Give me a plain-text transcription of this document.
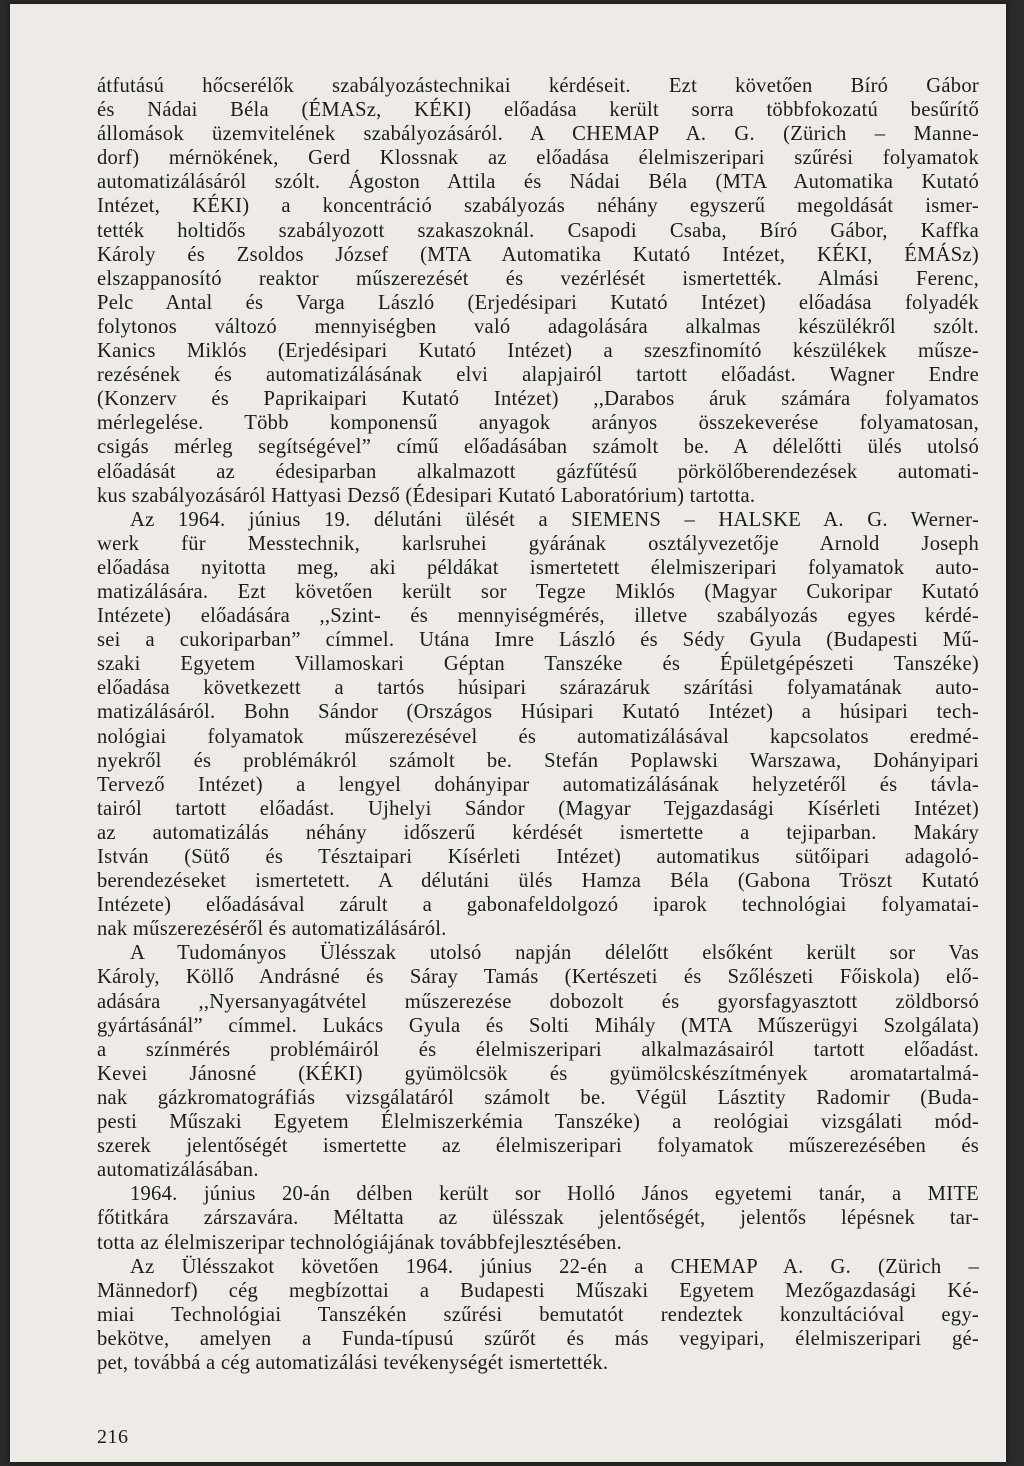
átfutású hőcserélők szabályozástechnikai kérdéseit. Ezt követően Bíró Gábor
és Nádai Béla (ÉMASz, KÉKI) előadása került sorra többfokozatú besűrítő
állomások üzemvitelének szabályozásáról. A CHEMAP A. G. (Zürich – Manne-
dorf) mérnökének, Gerd Klossnak az előadása élelmiszeripari szűrési folyamatok
automatizálásáról szólt. Ágoston Attila és Nádai Béla (MTA Automatika Kutató
Intézet, KÉKI) a koncentráció szabályozás néhány egyszerű megoldását ismer-
tették holtidős szabályozott szakaszoknál. Csapodi Csaba, Bíró Gábor, Kaffka
Károly és Zsoldos József (MTA Automatika Kutató Intézet, KÉKI, ÉMÁSz)
elszappanosító reaktor műszerezését és vezérlését ismertették. Almási Ferenc,
Pelc Antal és Varga László (Erjedésipari Kutató Intézet) előadása folyadék
folytonos változó mennyiségben való adagolására alkalmas készülékről szólt.
Kanics Miklós (Erjedésipari Kutató Intézet) a szeszfinomító készülékek műsze-
rezésének és automatizálásának elvi alapjairól tartott előadást. Wagner Endre
(Konzerv és Paprikaipari Kutató Intézet) ,,Darabos áruk számára folyamatos
mérlegelése. Több komponensű anyagok arányos összekeverése folyamatosan,
csigás mérleg segítségével” című előadásában számolt be. A délelőtti ülés utolsó
előadását az édesiparban alkalmazott gázfűtésű pörkölőberendezések automati-
kus szabályozásáról Hattyasi Dezső (Édesipari Kutató Laboratórium) tartotta.
Az 1964. június 19. délutáni ülését a SIEMENS – HALSKE A. G. Werner-
werk für Messtechnik, karlsruhei gyárának osztályvezetője Arnold Joseph
előadása nyitotta meg, aki példákat ismertetett élelmiszeripari folyamatok auto-
matizálására. Ezt követően került sor Tegze Miklós (Magyar Cukoripar Kutató
Intézete) előadására ,,Szint- és mennyiségmérés, illetve szabályozás egyes kérdé-
sei a cukoriparban” címmel. Utána Imre László és Sédy Gyula (Budapesti Mű-
szaki Egyetem Villamoskari Géptan Tanszéke és Épületgépészeti Tanszéke)
előadása következett a tartós húsipari szárazáruk szárítási folyamatának auto-
matizálásáról. Bohn Sándor (Országos Húsipari Kutató Intézet) a húsipari tech-
nológiai folyamatok műszerezésével és automatizálásával kapcsolatos eredmé-
nyekről és problémákról számolt be. Stefán Poplawski Warszawa, Dohányipari
Tervező Intézet) a lengyel dohányipar automatizálásának helyzetéről és távla-
tairól tartott előadást. Ujhelyi Sándor (Magyar Tejgazdasági Kísérleti Intézet)
az automatizálás néhány időszerű kérdését ismertette a tejiparban. Makáry
István (Sütő és Tésztaipari Kísérleti Intézet) automatikus sütőipari adagoló-
berendezéseket ismertetett. A délutáni ülés Hamza Béla (Gabona Tröszt Kutató
Intézete) előadásával zárult a gabonafeldolgozó iparok technológiai folyamatai-
nak műszerezéséről és automatizálásáról.
A Tudományos Ülésszak utolsó napján délelőtt elsőként került sor Vas
Károly, Köllő Andrásné és Sáray Tamás (Kertészeti és Szőlészeti Főiskola) elő-
adására ,,Nyersanyagátvétel műszerezése dobozolt és gyorsfagyasztott zöldborsó
gyártásánál” címmel. Lukács Gyula és Solti Mihály (MTA Műszerügyi Szolgálata)
a színmérés problémáiról és élelmiszeripari alkalmazásairól tartott előadást.
Kevei Jánosné (KÉKI) gyümölcsök és gyümölcskészítmények aromatartalmá-
nak gázkromatográfiás vizsgálatáról számolt be. Végül Lásztity Radomir (Buda-
pesti Műszaki Egyetem Élelmiszerkémia Tanszéke) a reológiai vizsgálati mód-
szerek jelentőségét ismertette az élelmiszeripari folyamatok műszerezésében és
automatizálásában.
1964. június 20-án délben került sor Holló János egyetemi tanár, a MITE
főtitkára zárszavára. Méltatta az ülésszak jelentőségét, jelentős lépésnek tar-
totta az élelmiszeripar technológiájának továbbfejlesztésében.
Az Ülésszakot követően 1964. június 22-én a CHEMAP A. G. (Zürich –
Männedorf) cég megbízottai a Budapesti Műszaki Egyetem Mezőgazdasági Ké-
miai Technológiai Tanszékén szűrési bemutatót rendeztek konzultációval egy-
bekötve, amelyen a Funda-típusú szűrőt és más vegyipari, élelmiszeripari gé-
pet, továbbá a cég automatizálási tevékenységét ismertették.
216
